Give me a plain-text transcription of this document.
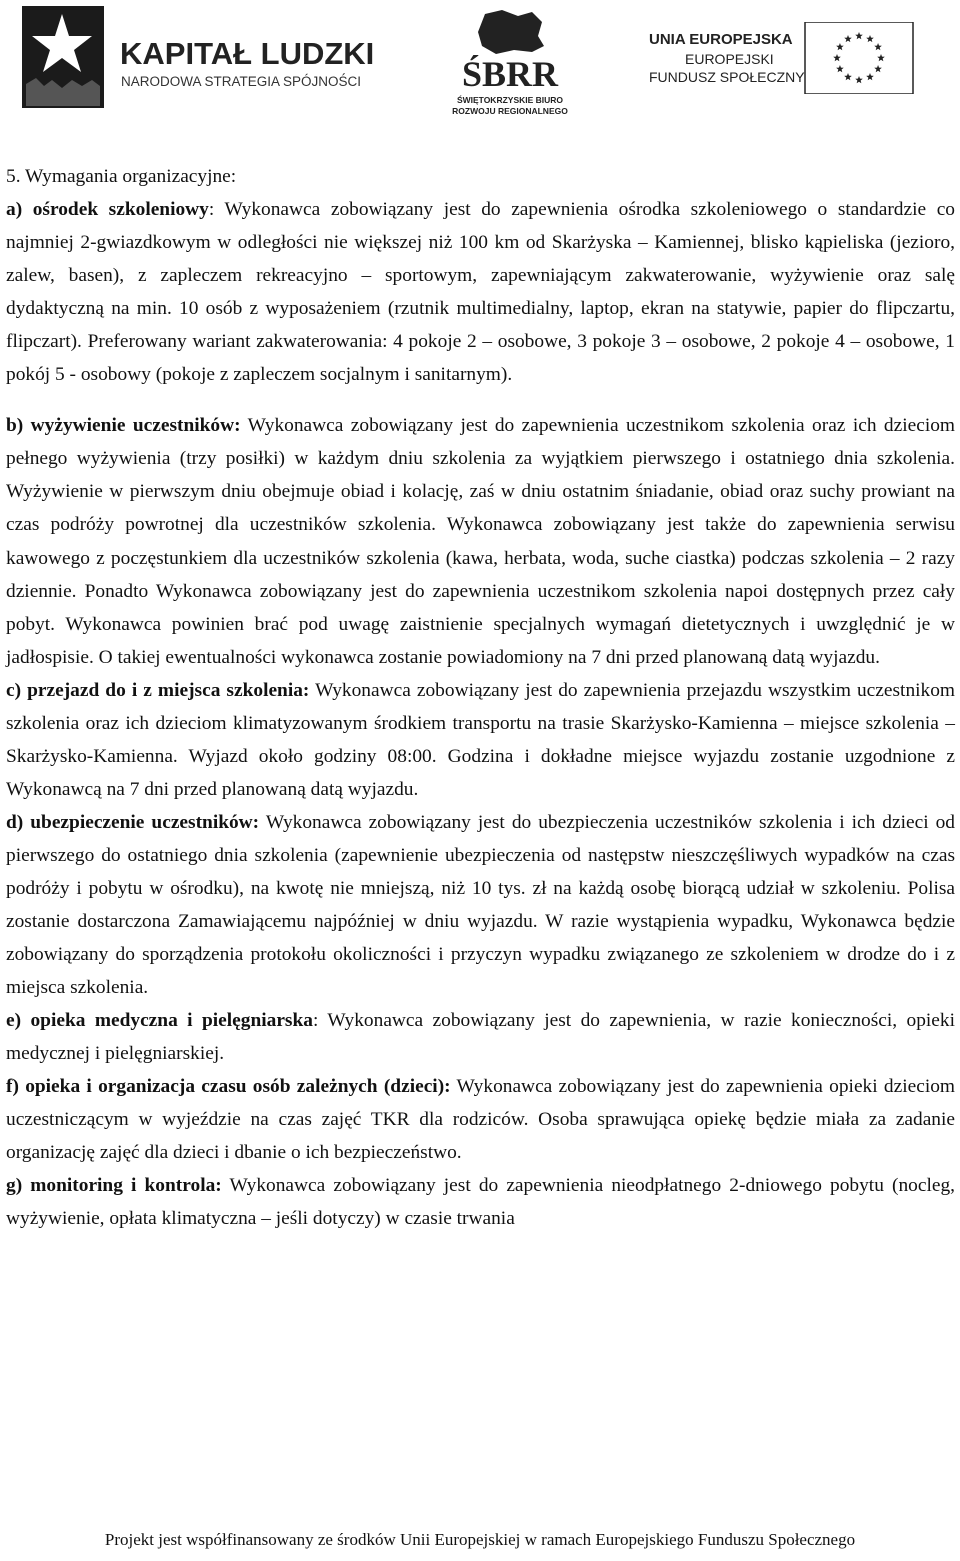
KAPITAŁ LUDZKI
NARODOWA STRATEGIA SPÓJNOŚCI	ŚBRR
ŚWIĘTOKRZYSKIE BIURO
ROZWOJU REGIONALNEGO
UNIA EUROPEJSKA
EUROPEJSKI
FUNDUSZ SPOŁECZNY

5. Wymagania organizacyjne:

a) ośrodek szkoleniowy: Wykonawca zobowiązany jest do zapewnienia ośrodka szkoleniowego o standardzie co najmniej 2-gwiazdkowym w odległości nie większej niż 100 km od Skarżyska – Kamiennej, blisko kąpieliska (jezioro, zalew, basen), z zapleczem rekreacyjno – sportowym, zapewniającym zakwaterowanie, wyżywienie oraz salę dydaktyczną na min. 10 osób z wyposażeniem (rzutnik multimedialny, laptop, ekran na statywie, papier do flipczartu, flipczart). Preferowany wariant zakwaterowania: 4 pokoje 2 – osobowe, 3 pokoje 3 – osobowe, 2 pokoje 4 – osobowe, 1 pokój 5 - osobowy (pokoje z zapleczem socjalnym i sanitarnym).

b) wyżywienie uczestników: Wykonawca zobowiązany jest do zapewnienia uczestnikom szkolenia oraz ich dzieciom pełnego wyżywienia (trzy posiłki) w każdym dniu szkolenia za wyjątkiem pierwszego i ostatniego dnia szkolenia. Wyżywienie w pierwszym dniu obejmuje obiad i kolację, zaś w dniu ostatnim śniadanie, obiad oraz suchy prowiant na czas podróży powrotnej dla uczestników szkolenia. Wykonawca zobowiązany jest także do zapewnienia serwisu kawowego z poczęstunkiem dla uczestników szkolenia (kawa, herbata, woda, suche ciastka) podczas szkolenia – 2 razy dziennie. Ponadto Wykonawca zobowiązany jest do zapewnienia uczestnikom szkolenia napoi dostępnych przez cały pobyt. Wykonawca powinien brać pod uwagę zaistnienie specjalnych wymagań dietetycznych i uwzględnić je w jadłospisie. O takiej ewentualności wykonawca zostanie powiadomiony na 7 dni przed planowaną datą wyjazdu.

c) przejazd do i z miejsca szkolenia: Wykonawca zobowiązany jest do zapewnienia przejazdu wszystkim uczestnikom szkolenia oraz ich dzieciom klimatyzowanym środkiem transportu na trasie Skarżysko-Kamienna – miejsce szkolenia – Skarżysko-Kamienna. Wyjazd około godziny 08:00. Godzina i dokładne miejsce wyjazdu zostanie uzgodnione z Wykonawcą na 7 dni przed planowaną datą wyjazdu.

d) ubezpieczenie uczestników: Wykonawca zobowiązany jest do ubezpieczenia uczestników szkolenia i ich dzieci od pierwszego do ostatniego dnia szkolenia (zapewnienie ubezpieczenia od następstw nieszczęśliwych wypadków na czas podróży i pobytu w ośrodku), na kwotę nie mniejszą, niż 10 tys. zł na każdą osobę biorącą udział w szkoleniu. Polisa zostanie dostarczona Zamawiającemu najpóźniej w dniu wyjazdu. W razie wystąpienia wypadku, Wykonawca będzie zobowiązany do sporządzenia protokołu okoliczności i przyczyn wypadku związanego ze szkoleniem w drodze do i z miejsca szkolenia.

e) opieka medyczna i pielęgniarska: Wykonawca zobowiązany jest do zapewnienia, w razie konieczności, opieki medycznej i pielęgniarskiej.

f) opieka i organizacja czasu osób zależnych (dzieci): Wykonawca zobowiązany jest do zapewnienia opieki dzieciom uczestniczącym w wyjeździe na czas zajęć TKR dla rodziców. Osoba sprawująca opiekę będzie miała za zadanie organizację zajęć dla dzieci i dbanie o ich bezpieczeństwo.

g) monitoring i kontrola: Wykonawca zobowiązany jest do zapewnienia nieodpłatnego 2-dniowego pobytu (nocleg, wyżywienie, opłata klimatyczna – jeśli dotyczy) w czasie trwania

Projekt jest współfinansowany ze środków Unii Europejskiej w ramach Europejskiego Funduszu Społecznego
